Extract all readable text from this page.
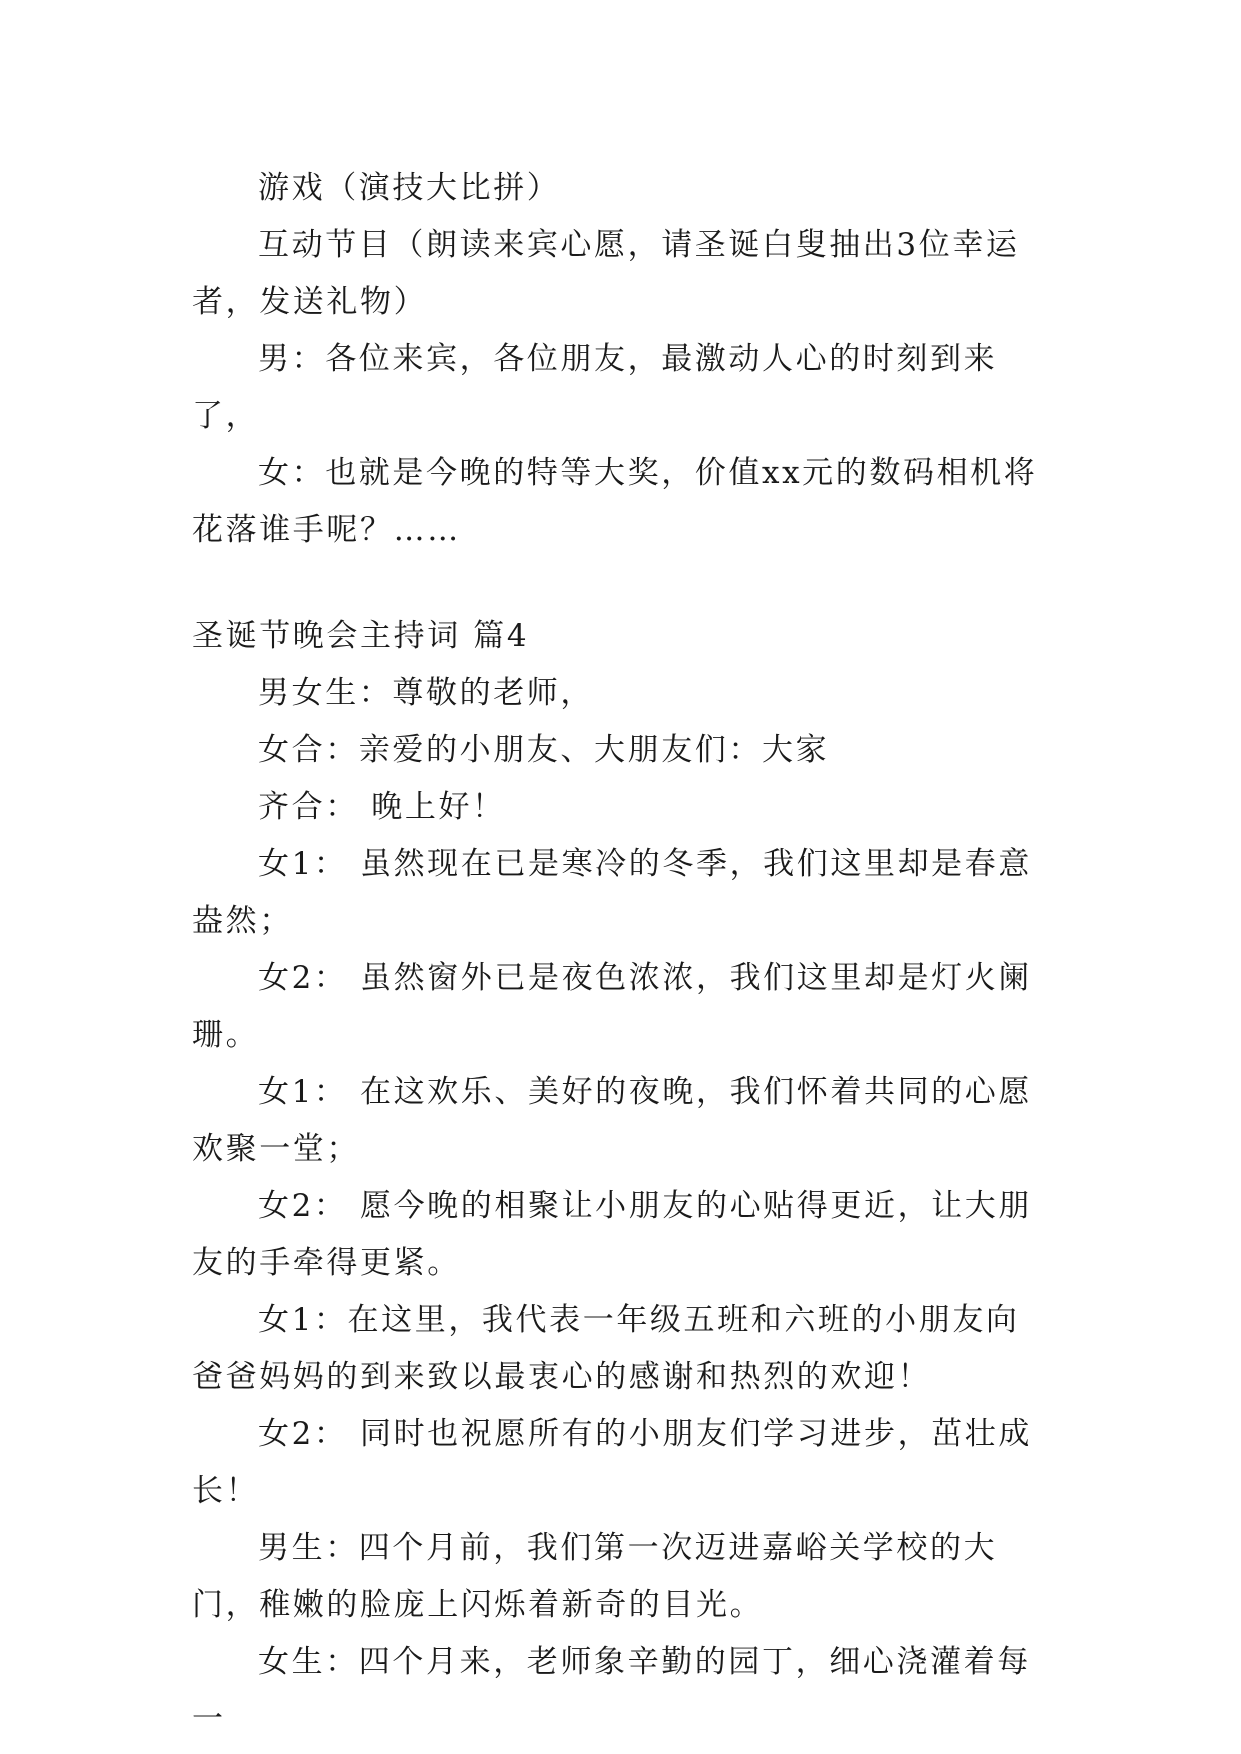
游戏（演技大比拼）

互动节目（朗读来宾心愿，请圣诞白叟抽出3位幸运者，发送礼物）

男：各位来宾，各位朋友，最激动人心的时刻到来了，

女：也就是今晚的特等大奖，价值xx元的数码相机将花落谁手呢？……

圣诞节晚会主持词 篇4

男女生：尊敬的老师，

女合：亲爱的小朋友、大朋友们：大家

齐合： 晚上好！

女1： 虽然现在已是寒冷的冬季，我们这里却是春意盎然；

女2： 虽然窗外已是夜色浓浓，我们这里却是灯火阑珊。

女1： 在这欢乐、美好的夜晚，我们怀着共同的心愿欢聚一堂；

女2： 愿今晚的相聚让小朋友的心贴得更近，让大朋友的手牵得更紧。

女1：在这里，我代表一年级五班和六班的小朋友向爸爸妈妈的到来致以最衷心的感谢和热烈的欢迎！

女2： 同时也祝愿所有的小朋友们学习进步，茁壮成长！

男生：四个月前，我们第一次迈进嘉峪关学校的大门，稚嫩的脸庞上闪烁着新奇的目光。

女生：四个月来，老师象辛勤的园丁，细心浇灌着每一
